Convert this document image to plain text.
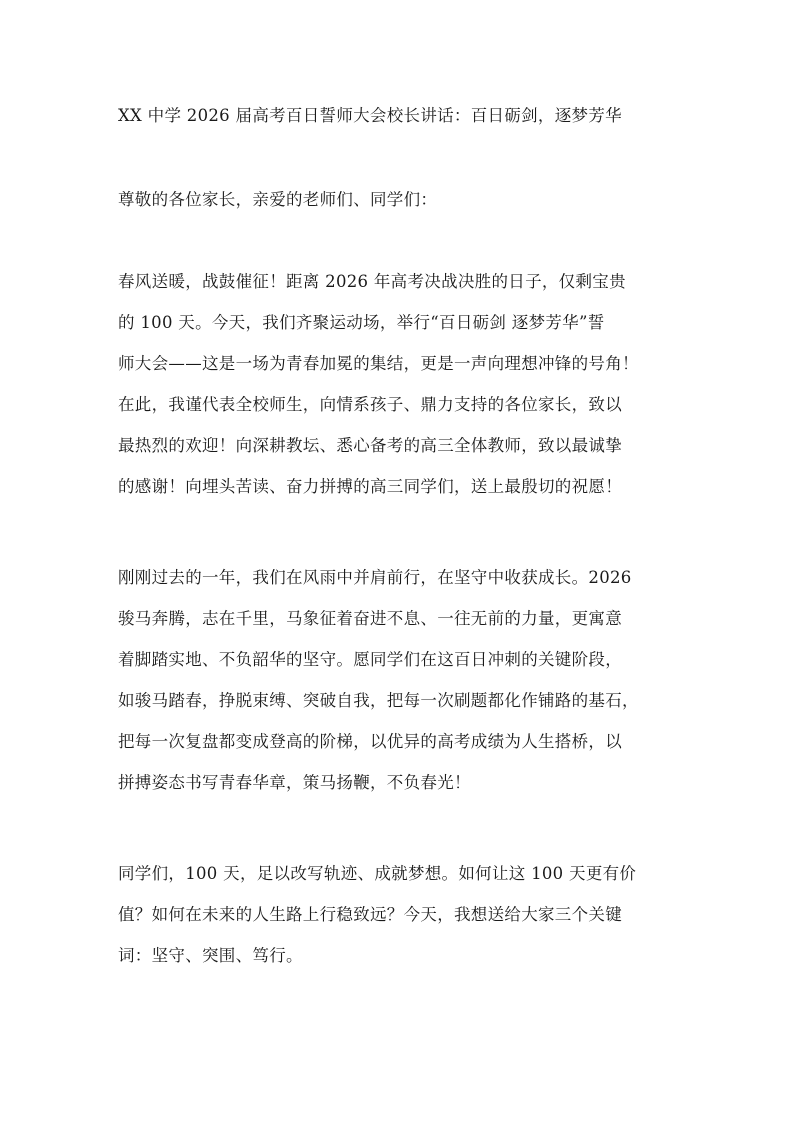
XX 中学 2026 届高考百日誓师大会校长讲话：百日砺剑，逐梦芳华
尊敬的各位家长，亲爱的老师们、同学们：
春风送暖，战鼓催征！距离 2026 年高考决战决胜的日子，仅剩宝贵
的 100 天。今天，我们齐聚运动场，举行“百日砺剑 逐梦芳华”誓
师大会——这是一场为青春加冕的集结，更是一声向理想冲锋的号角！
在此，我谨代表全校师生，向情系孩子、鼎力支持的各位家长，致以
最热烈的欢迎！向深耕教坛、悉心备考的高三全体教师，致以最诚挚
的感谢！向埋头苦读、奋力拼搏的高三同学们，送上最殷切的祝愿！
刚刚过去的一年，我们在风雨中并肩前行，在坚守中收获成长。2026
骏马奔腾，志在千里，马象征着奋进不息、一往无前的力量，更寓意
着脚踏实地、不负韶华的坚守。愿同学们在这百日冲刺的关键阶段，
如骏马踏春，挣脱束缚、突破自我，把每一次刷题都化作铺路的基石，
把每一次复盘都变成登高的阶梯，以优异的高考成绩为人生搭桥，以
拼搏姿态书写青春华章，策马扬鞭，不负春光！
同学们，100 天，足以改写轨迹、成就梦想。如何让这 100 天更有价
值？如何在未来的人生路上行稳致远？今天，我想送给大家三个关键
词：坚守、突围、笃行。
